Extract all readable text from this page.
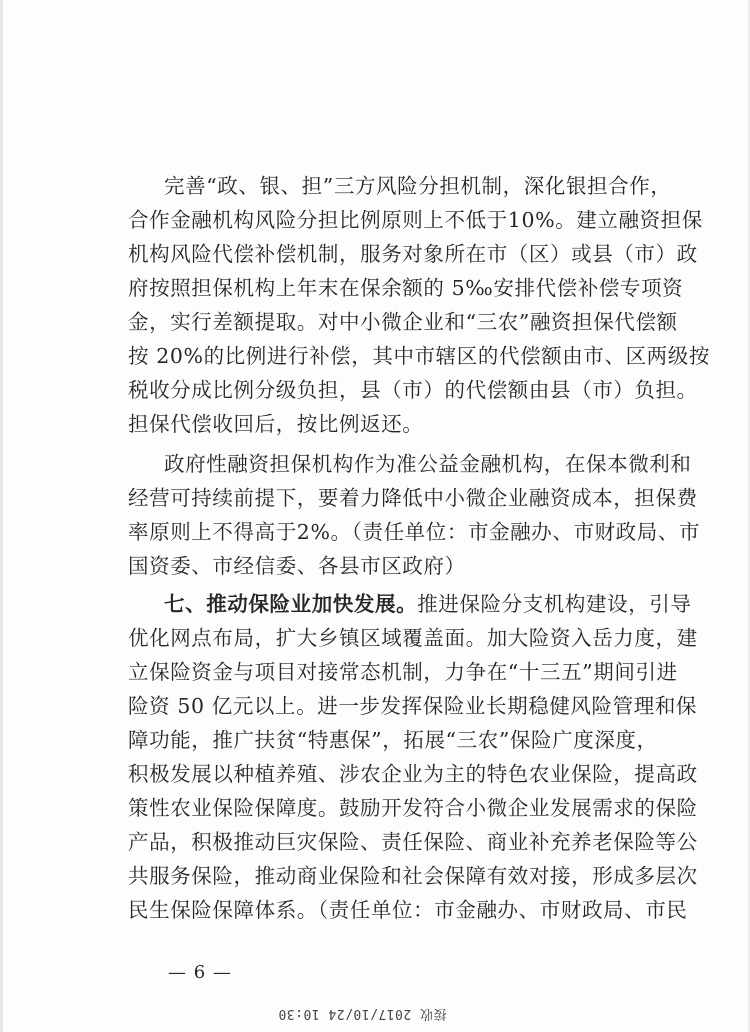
完善“政、银、担”三方风险分担机制，深化银担合作，
合作金融机构风险分担比例原则上不低于10%。建立融资担保
机构风险代偿补偿机制，服务对象所在市（区）或县（市）政
府按照担保机构上年末在保余额的 5‰安排代偿补偿专项资
金，实行差额提取。对中小微企业和“三农”融资担保代偿额
按 20%的比例进行补偿，其中市辖区的代偿额由市、区两级按
税收分成比例分级负担，县（市）的代偿额由县（市）负担。
担保代偿收回后，按比例返还。
政府性融资担保机构作为准公益金融机构，在保本微利和
经营可持续前提下，要着力降低中小微企业融资成本，担保费
率原则上不得高于2%。（责任单位：市金融办、市财政局、市
国资委、市经信委、各县市区政府）
七、推动保险业加快发展。推进保险分支机构建设，引导
优化网点布局，扩大乡镇区域覆盖面。加大险资入岳力度，建
立保险资金与项目对接常态机制，力争在“十三五”期间引进
险资 50 亿元以上。进一步发挥保险业长期稳健风险管理和保
障功能，推广扶贫“特惠保”，拓展“三农”保险广度深度，
积极发展以种植养殖、涉农企业为主的特色农业保险，提高政
策性农业保险保障度。鼓励开发符合小微企业发展需求的保险
产品，积极推动巨灾保险、责任保险、商业补充养老保险等公
共服务保险，推动商业保险和社会保障有效对接，形成多层次
民生保险保障体系。（责任单位：市金融办、市财政局、市民
— 6 —
接收 2017/10/24 10:30
